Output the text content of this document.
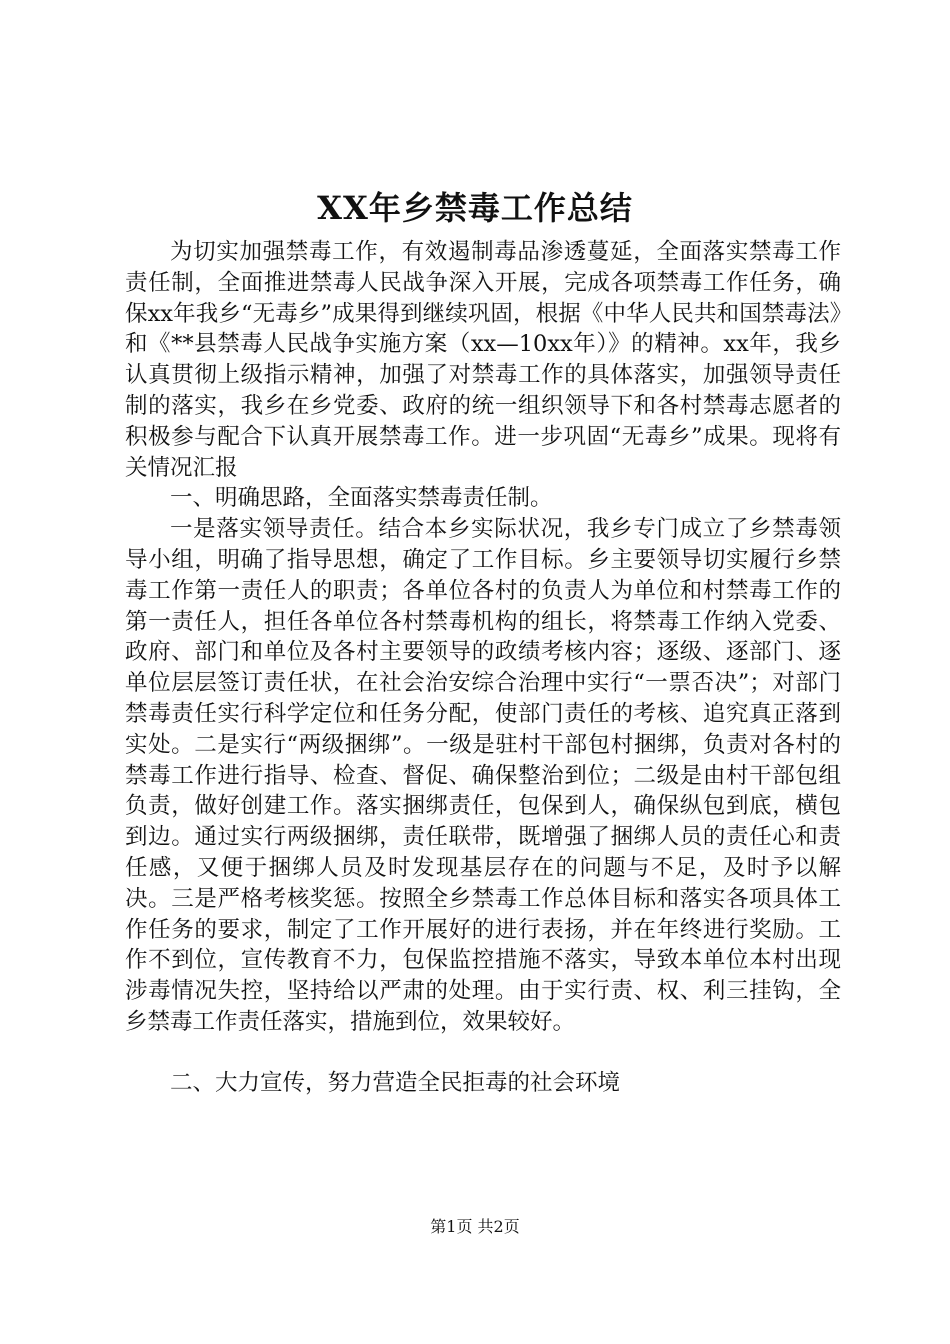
XX年乡禁毒工作总结

为切实加强禁毒工作，有效遏制毒品渗透蔓延，全面落实禁毒工作责任制，全面推进禁毒人民战争深入开展，完成各项禁毒工作任务，确保xx年我乡“无毒乡”成果得到继续巩固，根据《中华人民共和国禁毒法》和《**县禁毒人民战争实施方案（xx—10xx年）》的精神。xx年，我乡认真贯彻上级指示精神，加强了对禁毒工作的具体落实，加强领导责任制的落实，我乡在乡党委、政府的统一组织领导下和各村禁毒志愿者的积极参与配合下认真开展禁毒工作。进一步巩固“无毒乡”成果。现将有关情况汇报

一、明确思路，全面落实禁毒责任制。

一是落实领导责任。结合本乡实际状况，我乡专门成立了乡禁毒领导小组，明确了指导思想，确定了工作目标。乡主要领导切实履行乡禁毒工作第一责任人的职责；各单位各村的负责人为单位和村禁毒工作的第一责任人，担任各单位各村禁毒机构的组长，将禁毒工作纳入党委、政府、部门和单位及各村主要领导的政绩考核内容；逐级、逐部门、逐单位层层签订责任状，在社会治安综合治理中实行“一票否决”；对部门禁毒责任实行科学定位和任务分配，使部门责任的考核、追究真正落到实处。二是实行“两级捆绑”。一级是驻村干部包村捆绑，负责对各村的禁毒工作进行指导、检查、督促、确保整治到位；二级是由村干部包组负责，做好创建工作。落实捆绑责任，包保到人，确保纵包到底，横包到边。通过实行两级捆绑，责任联带，既增强了捆绑人员的责任心和责任感，又便于捆绑人员及时发现基层存在的问题与不足，及时予以解决。三是严格考核奖惩。按照全乡禁毒工作总体目标和落实各项具体工作任务的要求，制定了工作开展好的进行表扬，并在年终进行奖励。工作不到位，宣传教育不力，包保监控措施不落实，导致本单位本村出现涉毒情况失控，坚持给以严肃的处理。由于实行责、权、利三挂钩，全乡禁毒工作责任落实，措施到位，效果较好。

二、大力宣传，努力营造全民拒毒的社会环境

第1页 共2页
